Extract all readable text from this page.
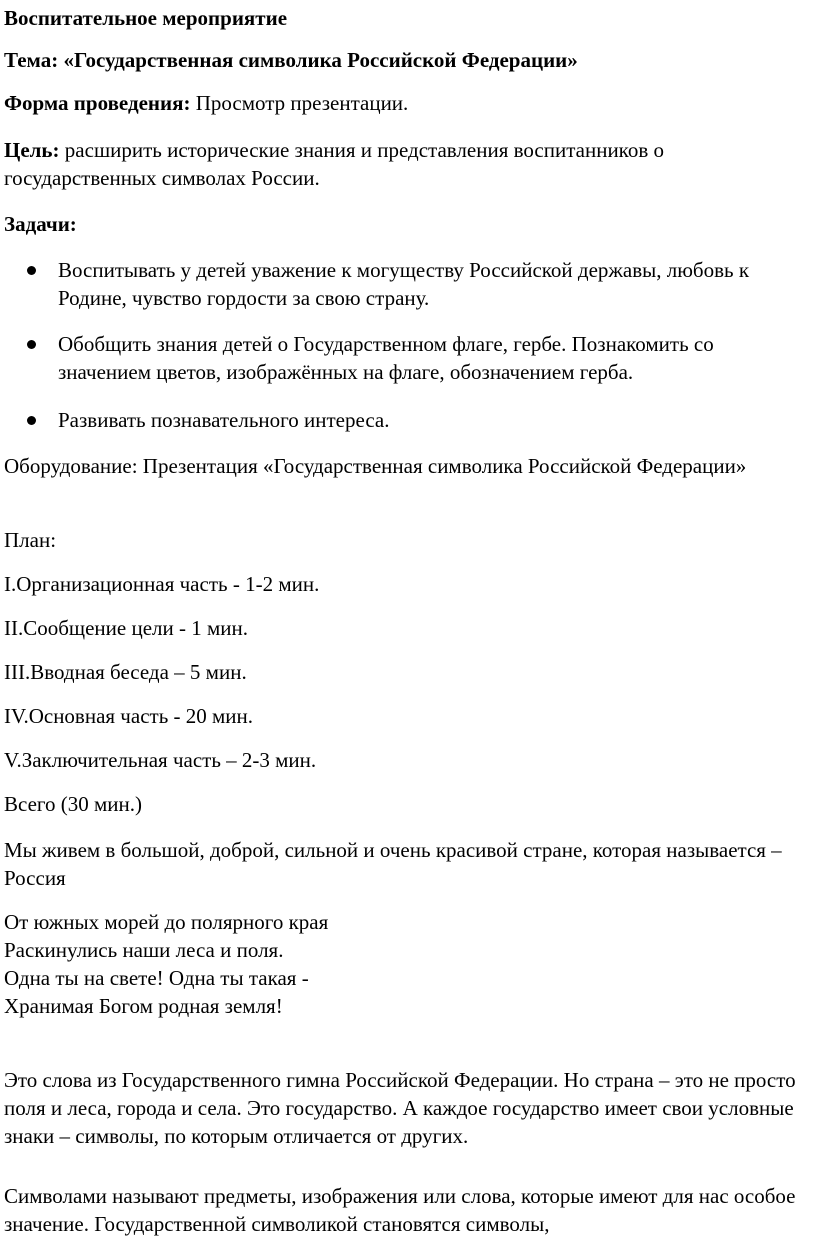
Воспитательное мероприятие

Тема: «Государственная символика Российской Федерации»

Форма проведения: Просмотр презентации.

Цель: расширить исторические знания и представления воспитанников о государственных символах России.

Задачи:

Воспитывать у детей уважение к могуществу Российской державы, любовь к Родине, чувство гордости за свою страну.
Обобщить знания детей о Государственном флаге, гербе. Познакомить со значением цветов, изображённых на флаге, обозначением герба.
Развивать познавательного интереса.

Оборудование: Презентация «Государственная символика Российской Федерации»

План:

I.Организационная часть - 1-2 мин.

II.Сообщение цели - 1 мин.

III.Вводная беседа – 5 мин.

IV.Основная часть - 20 мин.

V.Заключительная часть – 2-3 мин.

Всего (30 мин.)

Мы живем в большой, доброй, сильной и очень красивой стране, которая называется – Россия

От южных морей до полярного края
Раскинулись наши леса и поля.
Одна ты на свете! Одна ты такая -
Хранимая Богом родная земля!

Это слова из Государственного гимна Российской Федерации. Но страна – это не просто поля и леса, города и села. Это государство. А каждое государство имеет свои условные знаки – символы, по которым отличается от других.

Символами называют предметы, изображения или слова, которые имеют для нас особое значение. Государственной символикой становятся символы,
